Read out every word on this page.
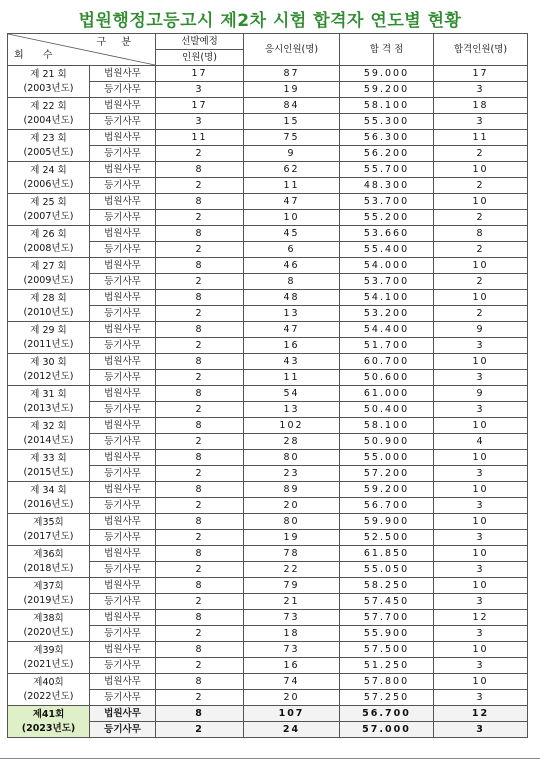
법원행정고등고시 제2차 시험 합격자 연도별 현황
구 분
회 수		선발예정	응시인원(명)	합 격 점	합격인원(명)
		인원(명)			

제 21 회
(2003년도)	법원사무	17	87	59.000	17
	등기사무	3	19	59.200	3

제 22 회
(2004년도)	법원사무	17	84	58.100	18
	등기사무	3	15	55.300	3

제 23 회
(2005년도)	법원사무	11	75	56.300	11
	등기사무	2	9	56.200	2

제 24 회
(2006년도)	법원사무	8	62	55.700	10
	등기사무	2	11	48.300	2

제 25 회
(2007년도)	법원사무	8	47	53.700	10
	등기사무	2	10	55.200	2

제 26 회
(2008년도)	법원사무	8	45	53.660	8
	등기사무	2	6	55.400	2

제 27 회
(2009년도)	법원사무	8	46	54.000	10
	등기사무	2	8	53.700	2

제 28 회
(2010년도)	법원사무	8	48	54.100	10
	등기사무	2	13	53.200	2

제 29 회
(2011년도)	법원사무	8	47	54.400	9
	등기사무	2	16	51.700	3

제 30 회
(2012년도)	법원사무	8	43	60.700	10
	등기사무	2	11	50.600	3

제 31 회
(2013년도)	법원사무	8	54	61.000	9
	등기사무	2	13	50.400	3

제 32 회
(2014년도)	법원사무	8	102	58.100	10
	등기사무	2	28	50.900	4

제 33 회
(2015년도)	법원사무	8	80	55.000	10
	등기사무	2	23	57.200	3

제 34 회
(2016년도)	법원사무	8	89	59.200	10
	등기사무	2	20	56.700	3

제35회
(2017년도)	법원사무	8	80	59.900	10
	등기사무	2	19	52.500	3

제36회
(2018년도)	법원사무	8	78	61.850	10
	등기사무	2	22	55.050	3

제37회
(2019년도)	법원사무	8	79	58.250	10
	등기사무	2	21	57.450	3

제38회
(2020년도)	법원사무	8	73	57.700	12
	등기사무	2	18	55.900	3

제39회
(2021년도)	법원사무	8	73	57.500	10
	등기사무	2	16	51.250	3

제40회
(2022년도)	법원사무	8	74	57.800	10
	등기사무	2	20	57.250	3

제41회
(2023년도)	법원사무	8	107	56.700	12
	등기사무	2	24	57.000	3
